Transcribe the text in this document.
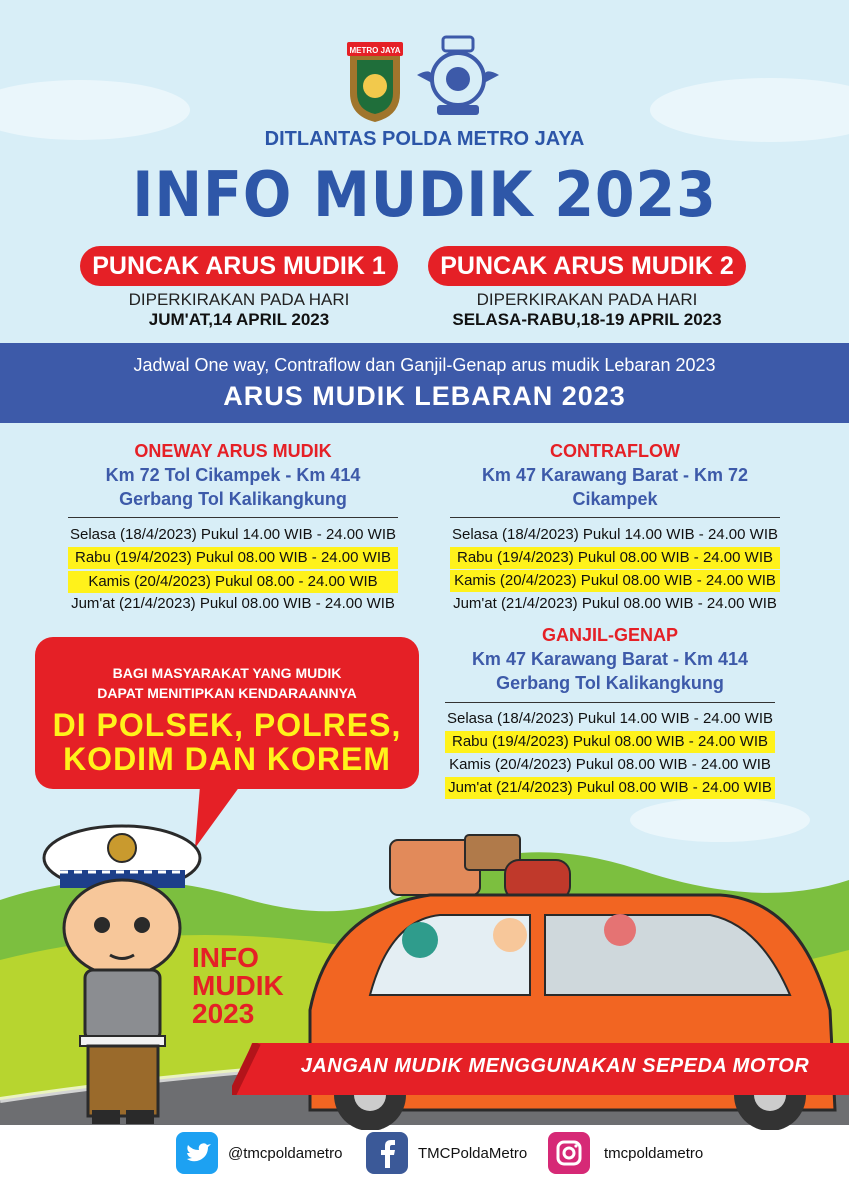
METRO JAYA
DITLANTAS POLDA METRO JAYA
INFO MUDIK 2023
PUNCAK ARUS MUDIK 1
DIPERKIRAKAN PADA HARI
JUM'AT,14 APRIL 2023
PUNCAK ARUS MUDIK 2
DIPERKIRAKAN PADA HARI
SELASA-RABU,18-19 APRIL 2023
Jadwal One way, Contraflow dan Ganjil-Genap arus mudik Lebaran 2023
ARUS MUDIK LEBARAN 2023
ONEWAY ARUS MUDIK
Km 72 Tol Cikampek - Km 414
Gerbang Tol Kalikangkung
Selasa (18/4/2023) Pukul 14.00 WIB - 24.00 WIB
Rabu (19/4/2023) Pukul 08.00 WIB - 24.00 WIB
Kamis (20/4/2023) Pukul 08.00 - 24.00 WIB
Jum'at (21/4/2023) Pukul 08.00 WIB - 24.00 WIB
CONTRAFLOW
Km 47 Karawang Barat - Km 72
Cikampek
Selasa (18/4/2023) Pukul 14.00 WIB - 24.00 WIB
Rabu (19/4/2023) Pukul 08.00 WIB - 24.00 WIB
Kamis (20/4/2023) Pukul 08.00 WIB - 24.00 WIB
Jum'at (21/4/2023) Pukul 08.00 WIB - 24.00 WIB
GANJIL-GENAP
Km 47 Karawang Barat - Km 414
Gerbang Tol Kalikangkung
Selasa (18/4/2023) Pukul 14.00 WIB - 24.00 WIB
Rabu (19/4/2023) Pukul 08.00 WIB - 24.00 WIB
Kamis (20/4/2023) Pukul 08.00 WIB - 24.00 WIB
Jum'at (21/4/2023) Pukul 08.00 WIB - 24.00 WIB
BAGI MASYARAKAT YANG MUDIK
DAPAT MENITIPKAN KENDARAANNYA
DI POLSEK, POLRES,
KODIM DAN KOREM
INFO
MUDIK
2023
JANGAN MUDIK MENGGUNAKAN SEPEDA MOTOR
@tmcpoldametro	TMCPoldaMetro	tmcpoldametro
